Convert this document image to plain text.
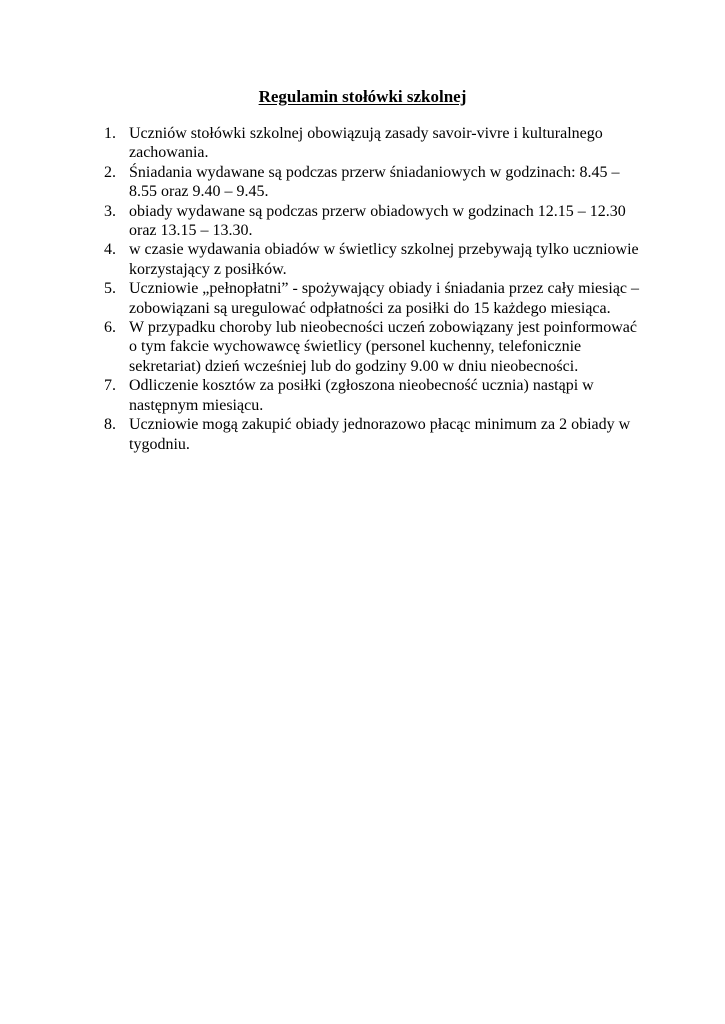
Regulamin stołówki szkolnej
1. Uczniów stołówki szkolnej obowiązują zasady savoir-vivre i kulturalnego zachowania.
2. Śniadania wydawane są podczas przerw śniadaniowych w godzinach: 8.45 – 8.55 oraz 9.40 – 9.45.
3. obiady wydawane są podczas przerw obiadowych w godzinach 12.15 – 12.30 oraz 13.15 – 13.30.
4. w czasie wydawania obiadów w świetlicy szkolnej przebywają tylko uczniowie korzystający z posiłków.
5. Uczniowie „pełnopłatni” - spożywający obiady i śniadania przez cały miesiąc – zobowiązani są uregulować odpłatności za posiłki do 15 każdego miesiąca.
6. W przypadku choroby lub nieobecności uczeń zobowiązany jest poinformować o tym fakcie wychowawcę świetlicy (personel kuchenny, telefonicznie sekretariat) dzień wcześniej lub do godziny 9.00 w dniu nieobecności.
7. Odliczenie kosztów za posiłki (zgłoszona nieobecność ucznia) nastąpi w następnym miesiącu.
8. Uczniowie mogą zakupić obiady jednorazowo płacąc minimum za 2 obiady w tygodniu.
